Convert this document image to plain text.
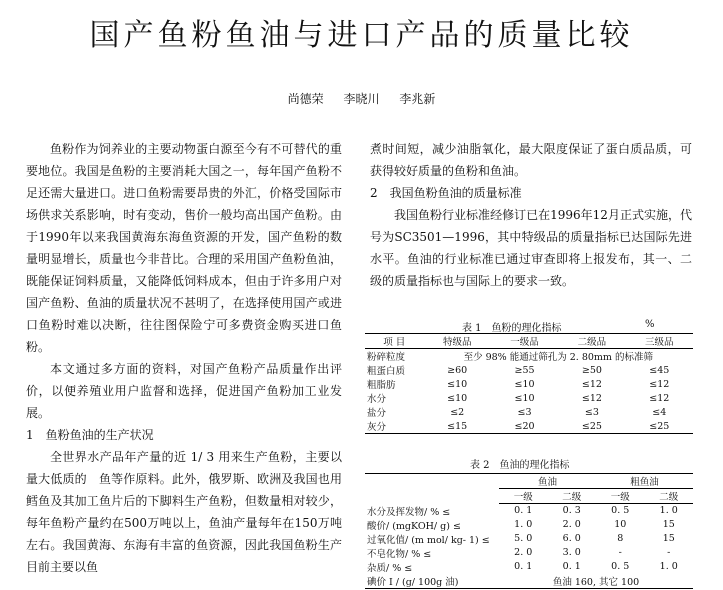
国产鱼粉鱼油与进口产品的质量比较
尚德荣 李晓川 李兆新

鱼粉作为饲养业的主要动物蛋白源至今有不可替代的重要地位。我国是鱼粉的主要消耗大国之一，每年国产鱼粉不足还需大量进口。进口鱼粉需要昂贵的外汇，价格受国际市场供求关系影响，时有变动，售价一般均高出国产鱼粉。由于1990年以来我国黄海东海鱼资源的开发，国产鱼粉的数量明显增长，质量也今非昔比。合理的采用国产鱼粉鱼油，既能保证饲料质量，又能降低饲料成本，但由于许多用户对国产鱼粉、鱼油的质量状况不甚明了，在选择使用国产或进口鱼粉时难以决断，往往图保险宁可多费资金购买进口鱼粉。

本文通过多方面的资料，对国产鱼粉产品质量作出评价，以便养殖业用户监督和选择，促进国产鱼粉加工业发展。

1　鱼粉鱼油的生产状况

全世界水产品年产量的近 1/ 3 用来生产鱼粉，主要以量大低质的　鱼等作原料。此外，俄罗斯、欧洲及我国也用鳕鱼及其加工鱼片后的下脚料生产鱼粉，但数量相对较少，每年鱼粉产量约在500万吨以上，鱼油产量每年在150万吨左右。我国黄海、东海有丰富的鱼资源，因此我国鱼粉生产目前主要以鱼

煮时间短，减少油脂氧化，最大限度保证了蛋白质品质，可获得较好质量的鱼粉和鱼油。

2　我国鱼粉鱼油的质量标准

我国鱼粉行业标准经修订已在1996年12月正式实施，代号为SC3501—1996，其中特级品的质量指标已达国际先进水平。鱼油的行业标准已通过审查即将上报发布，其一、二级的质量指标也与国际上的要求一致。

表 1　鱼粉的理化指标	%
项 目	特级品	一级品	二级品	三级品
粉碎粒度	至少 98% 能通过筛孔为 2. 80mm 的标准筛			
粗蛋白质	≥60	≥55	≥50	≤45
粗脂肪	≤10	≤10	≤12	≤12
水分	≤10	≤10	≤12	≤12
盐分	≤2	≤3	≤3	≤4
灰分	≤15	≤20	≤25	≤25
表 2　鱼油的理化指标
	鱼油		粗鱼油	
	一级	二级	一级	二级
水分及挥发物/ % ≤	0. 1	0. 3	0. 5	1. 0
酸价/ (mgKOH/ g) ≤	1. 0	2. 0	10	15
过氧化值/ (m mol/ kg- 1) ≤	5. 0	6. 0	8	15
不皂化物/ % ≤	2. 0	3. 0	-	-
杂质/ % ≤	0. 1	0. 1	0. 5	1. 0
碘价 I / (g/ 100g 油)	鱼油 160, 其它 100			
